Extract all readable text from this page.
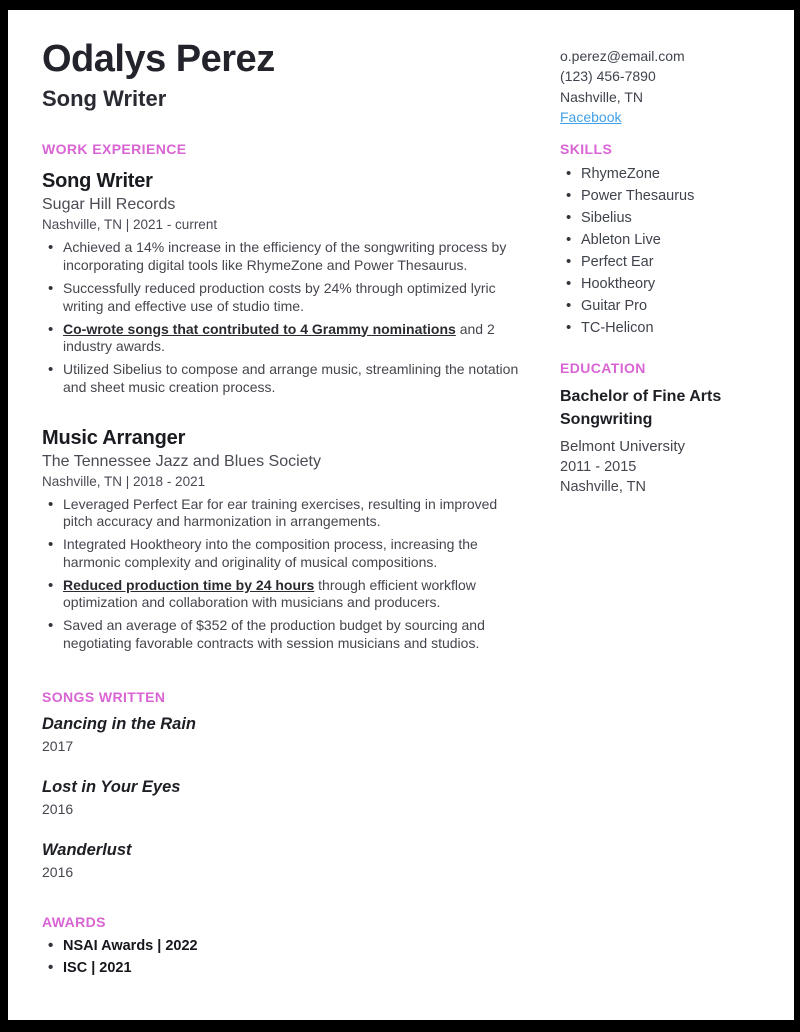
Odalys Perez
Song Writer
o.perez@email.com
(123) 456-7890
Nashville, TN
Facebook
WORK EXPERIENCE
Song Writer

Sugar Hill Records

Nashville, TN | 2021 - current

• Achieved a 14% increase in the efficiency of the songwriting process by incorporating digital tools like RhymeZone and Power Thesaurus.
• Successfully reduced production costs by 24% through optimized lyric writing and effective use of studio time.
• Co-wrote songs that contributed to 4 Grammy nominations and 2 industry awards.
• Utilized Sibelius to compose and arrange music, streamlining the notation and sheet music creation process.
Music Arranger

The Tennessee Jazz and Blues Society

Nashville, TN | 2018 - 2021

• Leveraged Perfect Ear for ear training exercises, resulting in improved pitch accuracy and harmonization in arrangements.
• Integrated Hooktheory into the composition process, increasing the harmonic complexity and originality of musical compositions.
• Reduced production time by 24 hours through efficient workflow optimization and collaboration with musicians and producers.
• Saved an average of $352 of the production budget by sourcing and negotiating favorable contracts with session musicians and studios.
SONGS WRITTEN
Dancing in the Rain
2017
Lost in Your Eyes
2016
Wanderlust
2016
AWARDS
• NSAI Awards | 2022
• ISC | 2021
SKILLS
• RhymeZone
• Power Thesaurus
• Sibelius
• Ableton Live
• Perfect Ear
• Hooktheory
• Guitar Pro
• TC-Helicon
EDUCATION
Bachelor of Fine Arts Songwriting
Belmont University
2011 - 2015
Nashville, TN
